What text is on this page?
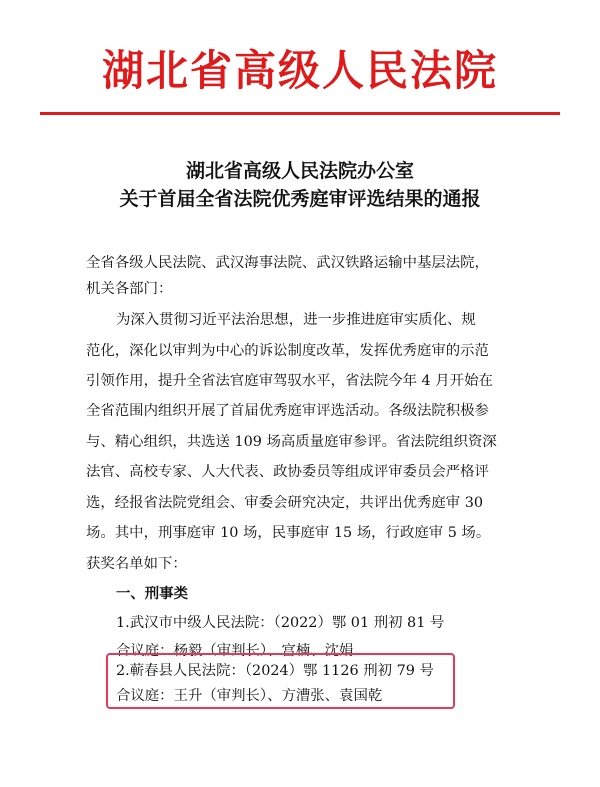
湖北省高级人民法院
湖北省高级人民法院办公室
关于首届全省法院优秀庭审评选结果的通报
全省各级人民法院、武汉海事法院、武汉铁路运输中基层法院，
机关各部门：
为深入贯彻习近平法治思想，进一步推进庭审实质化、规
范化，深化以审判为中心的诉讼制度改革，发挥优秀庭审的示范
引领作用，提升全省法官庭审驾驭水平，省法院今年 4 月开始在
全省范围内组织开展了首届优秀庭审评选活动。各级法院积极参
与、精心组织，共选送 109 场高质量庭审参评。省法院组织资深
法官、高校专家、人大代表、政协委员等组成评审委员会严格评
选，经报省法院党组会、审委会研究决定，共评出优秀庭审 30
场。其中，刑事庭审 10 场，民事庭审 15 场，行政庭审 5 场。
获奖名单如下：
一、刑事类
1.武汉市中级人民法院：（2022）鄂 01 刑初 81 号
合议庭：杨毅（审判长）、宫楠、沈娟
2.蕲春县人民法院：（2024）鄂 1126 刑初 79 号
合议庭：王升（审判长）、方漕张、袁国乾
